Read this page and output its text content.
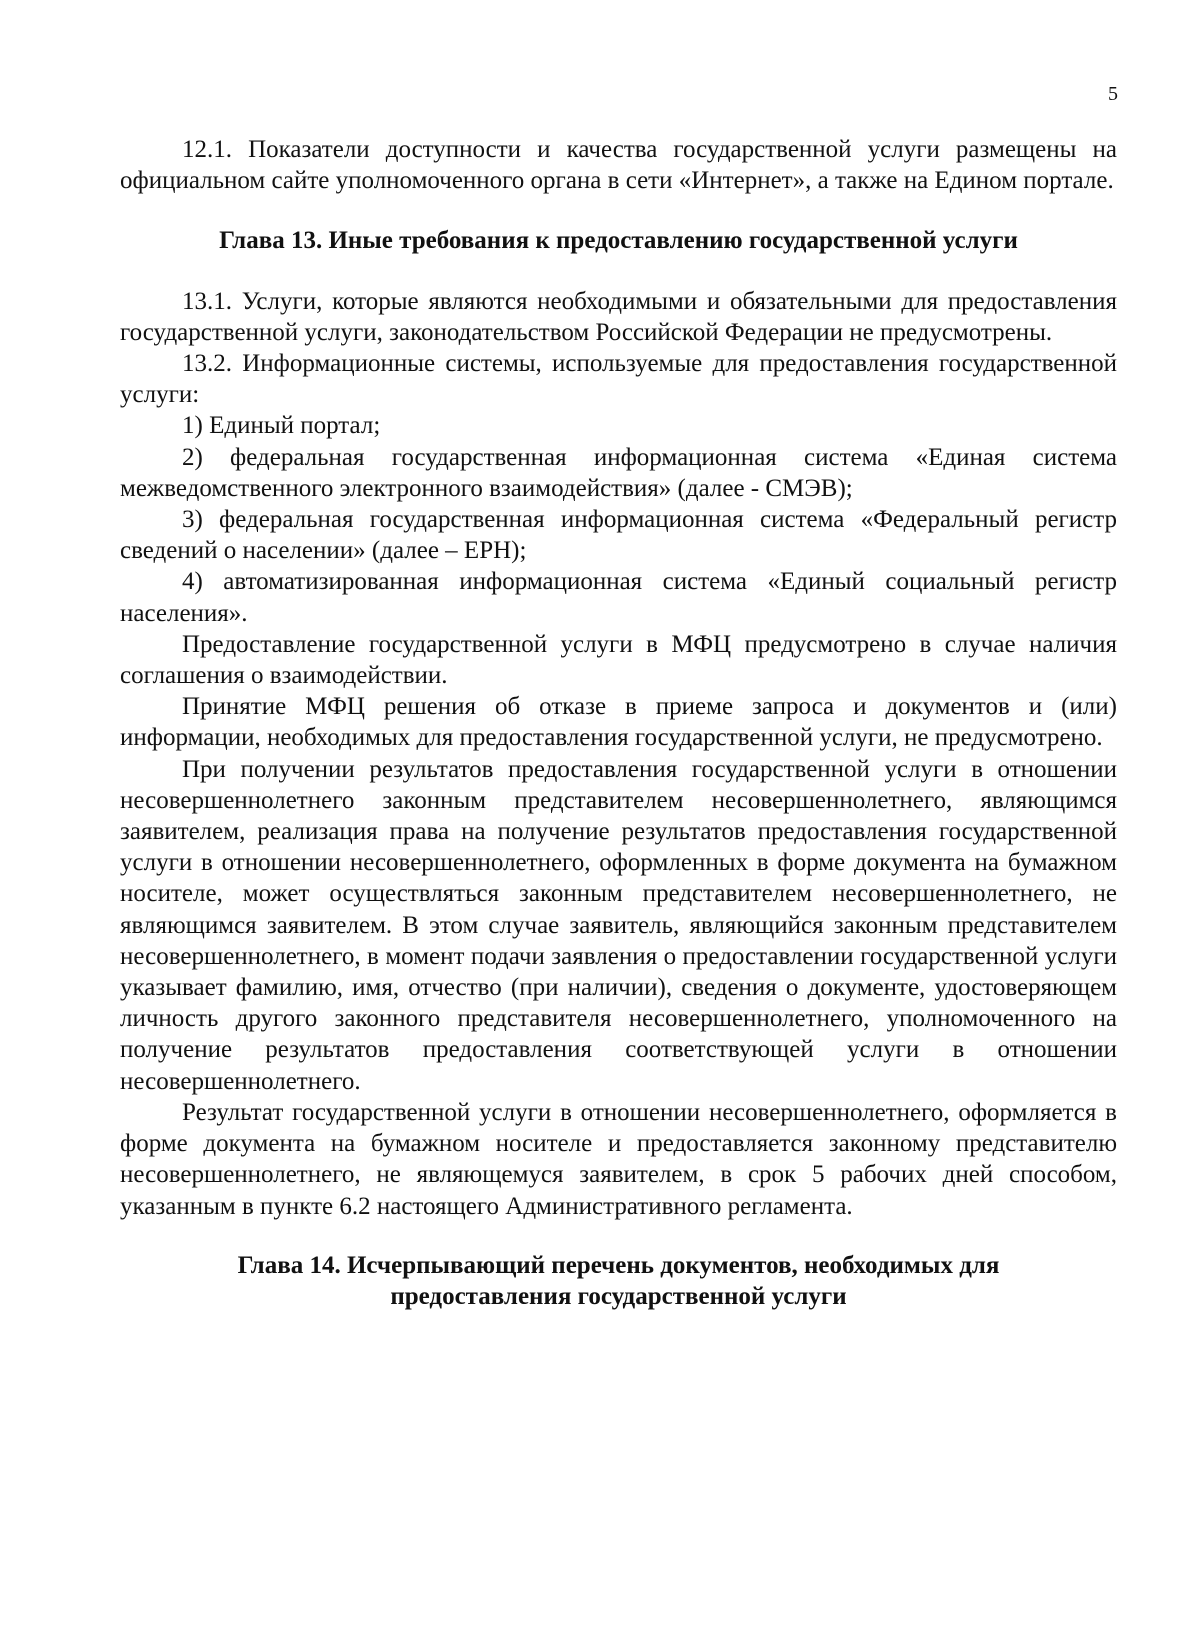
5

12.1. Показатели доступности и качества государственной услуги размещены на официальном сайте уполномоченного органа в сети «Интернет», а также на Едином портале.

Глава 13. Иные требования к предоставлению государственной услуги

13.1. Услуги, которые являются необходимыми и обязательными для предоставления государственной услуги, законодательством Российской Федерации не предусмотрены.

13.2. Информационные системы, используемые для предоставления государственной услуги:

1) Единый портал;

2) федеральная государственная информационная система «Единая система межведомственного электронного взаимодействия» (далее - СМЭВ);

3) федеральная государственная информационная система «Федеральный регистр сведений о населении» (далее – ЕРН);

4) автоматизированная информационная система «Единый социальный регистр населения».

Предоставление государственной услуги в МФЦ предусмотрено в случае наличия соглашения о взаимодействии.

Принятие МФЦ решения об отказе в приеме запроса и документов и (или) информации, необходимых для предоставления государственной услуги, не предусмотрено.

При получении результатов предоставления государственной услуги в отношении несовершеннолетнего законным представителем несовершеннолетнего, являющимся заявителем, реализация права на получение результатов предоставления государственной услуги в отношении несовершеннолетнего, оформленных в форме документа на бумажном носителе, может осуществляться законным представителем несовершеннолетнего, не являющимся заявителем. В этом случае заявитель, являющийся законным представителем несовершеннолетнего, в момент подачи заявления о предоставлении государственной услуги указывает фамилию, имя, отчество (при наличии), сведения о документе, удостоверяющем личность другого законного представителя несовершеннолетнего, уполномоченного на получение результатов предоставления соответствующей услуги в отношении несовершеннолетнего.

Результат государственной услуги в отношении несовершеннолетнего, оформляется в форме документа на бумажном носителе и предоставляется законному представителю несовершеннолетнего, не являющемуся заявителем, в срок 5 рабочих дней способом, указанным в пункте 6.2 настоящего Административного регламента.

Глава 14. Исчерпывающий перечень документов, необходимых для предоставления государственной услуги
